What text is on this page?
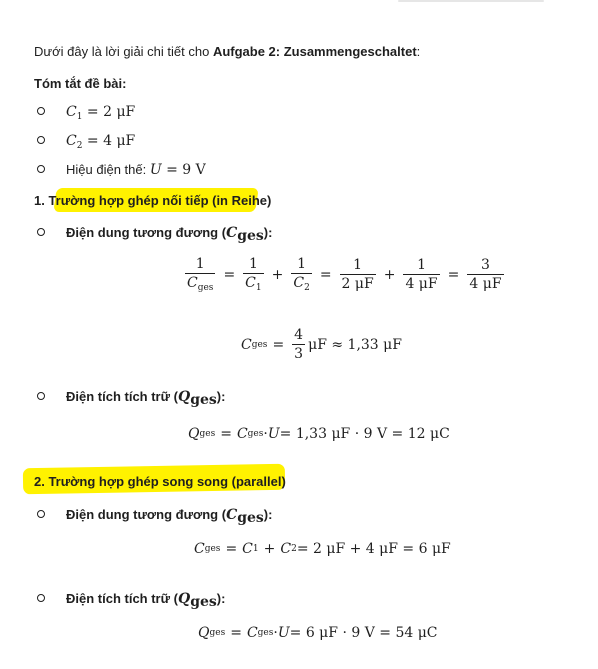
Dưới đây là lời giải chi tiết cho Aufgabe 2: Zusammengeschaltet:
Tóm tắt đề bài:
$C_1 = 2$ μF
$C_2 = 4$ μF
Hiệu điện thế: U = 9 V
1. Trường hợp ghép nối tiếp (in Reihe)
Điện dung tương đương $(C_{ges})$:
$\frac{1}{C_{ges}} = \frac{1}{C_1} + \frac{1}{C_2} = \frac{1}{2 \mu F} + \frac{1}{4 \mu F} = \frac{3}{4 \mu F}$
C ges = $\frac{4}{3}$ μF ≈ 1,33 μF
Điện tích tích trữ $(Q_{ges})$:
Q ges = C ges · U = 1,33 μF · 9 V = 12 μC
2. Trường hợp ghép song song (parallel)
Điện dung tương đương $(C_{ges})$:
C ges = C 1 + C 2 = 2 μF + 4 μF = 6 μF
Điện tích tích trữ $(Q_{ges})$:
Q ges = C ges · U = 6 μF · 9 V = 54 μC
